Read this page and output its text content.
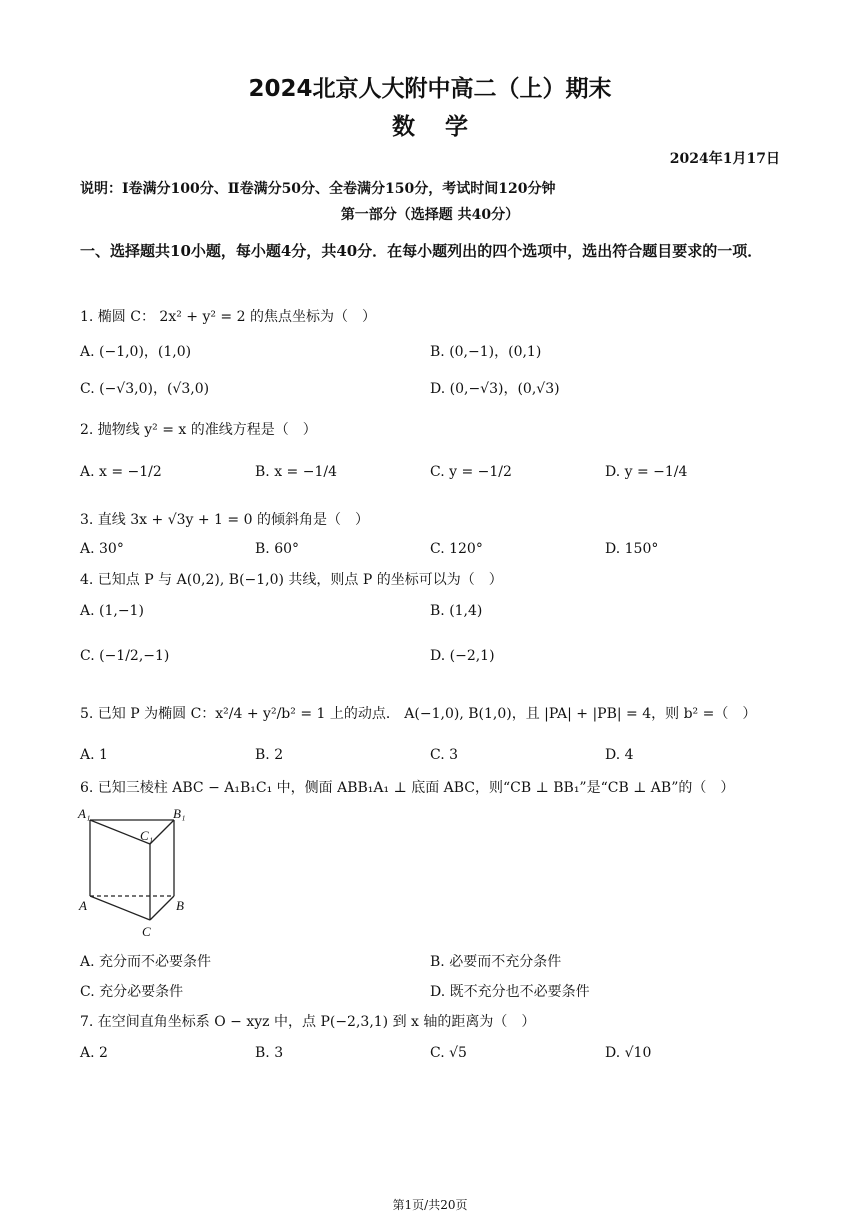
2024北京人大附中高二（上）期末
数学
2024年1月17日
说明：Ⅰ卷满分100分、Ⅱ卷满分50分、全卷满分150分，考试时间120分钟
第一部分（选择题 共40分）
一、选择题共10小题，每小题4分，共40分．在每小题列出的四个选项中，选出符合题目要求的一项．
1. 椭圆 C： 2x² + y² = 2 的焦点坐标为（　）
A. (−1,0)，(1,0)	B. (0,−1)，(0,1)
C. (−√3,0)，(√3,0)	D. (0,−√3)，(0,√3)
2. 抛物线 y² = x 的准线方程是（　）
A. x = −1/2	B. x = −1/4	C. y = −1/2	D. y = −1/4
3. 直线 3x + √3y + 1 = 0 的倾斜角是（　）
A. 30°	B. 60°	C. 120°	D. 150°
4. 已知点 P 与 A(0,2), B(−1,0) 共线，则点 P 的坐标可以为（　）
A. (1,−1)	B. (1,4)
C. (−1/2,−1)	D. (−2,1)
5. 已知 P 为椭圆 C：x²/4 + y²/b² = 1 上的动点． A(−1,0), B(1,0)，且 |PA| + |PB| = 4，则 b² =（　）
A. 1	B. 2	C. 3	D. 4
6. 已知三棱柱 ABC − A₁B₁C₁ 中，侧面 ABB₁A₁ ⊥ 底面 ABC，则“CB ⊥ BB₁”是“CB ⊥ AB”的（　）
A₁	B₁
C₁
A	B
C
A. 充分而不必要条件	B. 必要而不充分条件
C. 充分必要条件	D. 既不充分也不必要条件
7. 在空间直角坐标系 O − xyz 中，点 P(−2,3,1) 到 x 轴的距离为（　）
A. 2	B. 3	C. √5	D. √10
第1页/共20页
